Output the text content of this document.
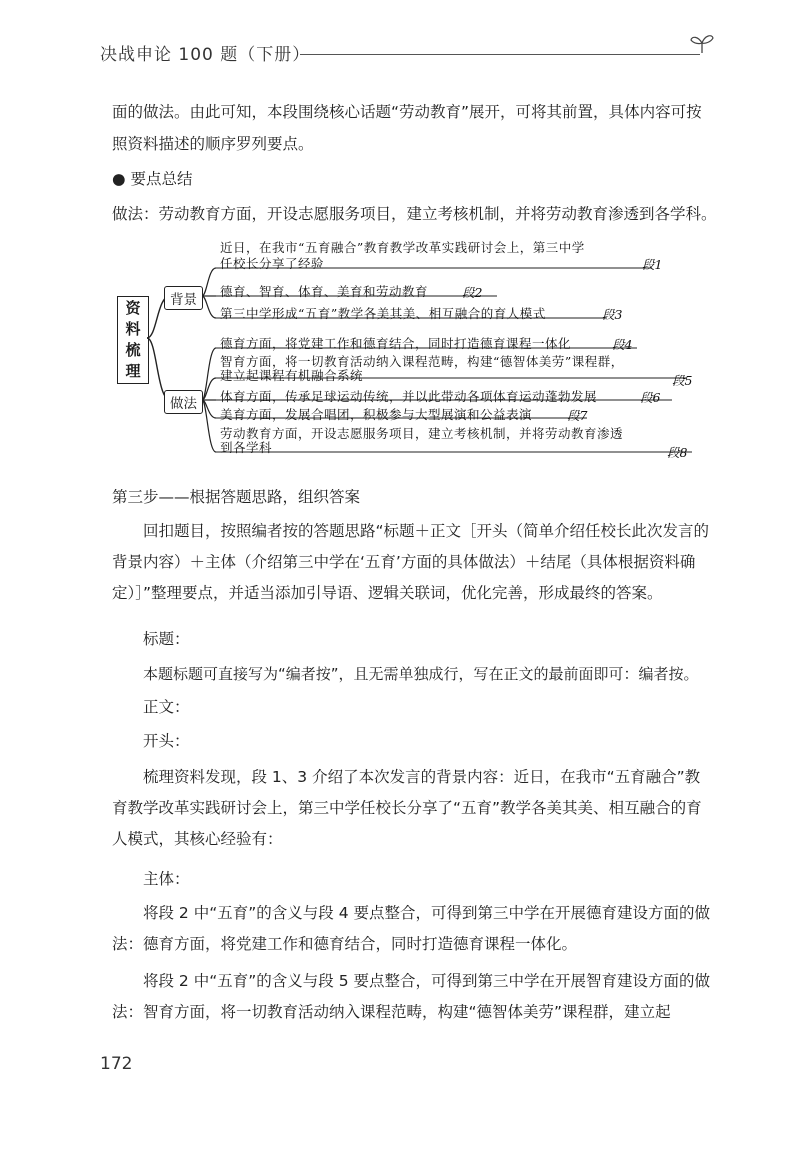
决战申论 100 题（下册）
面的做法。由此可知，本段围绕核心话题“劳动教育”展开，可将其前置，具体内容可按
照资料描述的顺序罗列要点。
● 要点总结
做法：劳动教育方面，开设志愿服务项目，建立考核机制，并将劳动教育渗透到各学科。
资
料
梳
理
背景
做法
近日，在我市“五育融合”教育教学改革实践研讨会上，第三中学
任校长分享了经验	段1
德育、智育、体育、美育和劳动教育	段2
第三中学形成“五育”教学各美其美、相互融合的育人模式	段3
德育方面，将党建工作和德育结合，同时打造德育课程一体化	段4
智育方面，将一切教育活动纳入课程范畴，构建“德智体美劳”课程群，
建立起课程有机融合系统	段5
体育方面，传承足球运动传统，并以此带动各项体育运动蓬勃发展	段6
美育方面，发展合唱团，积极参与大型展演和公益表演	段7
劳动教育方面，开设志愿服务项目，建立考核机制，并将劳动教育渗透
到各学科	段8
第三步——根据答题思路，组织答案
回扣题目，按照编者按的答题思路“标题＋正文［开头（简单介绍任校长此次发言的背景内容）＋主体（介绍第三中学在‘五育’方面的具体做法）＋结尾（具体根据资料确定）］”整理要点，并适当添加引导语、逻辑关联词，优化完善，形成最终的答案。
标题：
本题标题可直接写为“编者按”，且无需单独成行，写在正文的最前面即可：编者按。
正文：
开头：
梳理资料发现，段 1、3 介绍了本次发言的背景内容：近日，在我市“五育融合”教育教学改革实践研讨会上，第三中学任校长分享了“五育”教学各美其美、相互融合的育人模式，其核心经验有：
主体：
将段 2 中“五育”的含义与段 4 要点整合，可得到第三中学在开展德育建设方面的做法：德育方面，将党建工作和德育结合，同时打造德育课程一体化。
将段 2 中“五育”的含义与段 5 要点整合，可得到第三中学在开展智育建设方面的做法：智育方面，将一切教育活动纳入课程范畴，构建“德智体美劳”课程群，建立起
172
